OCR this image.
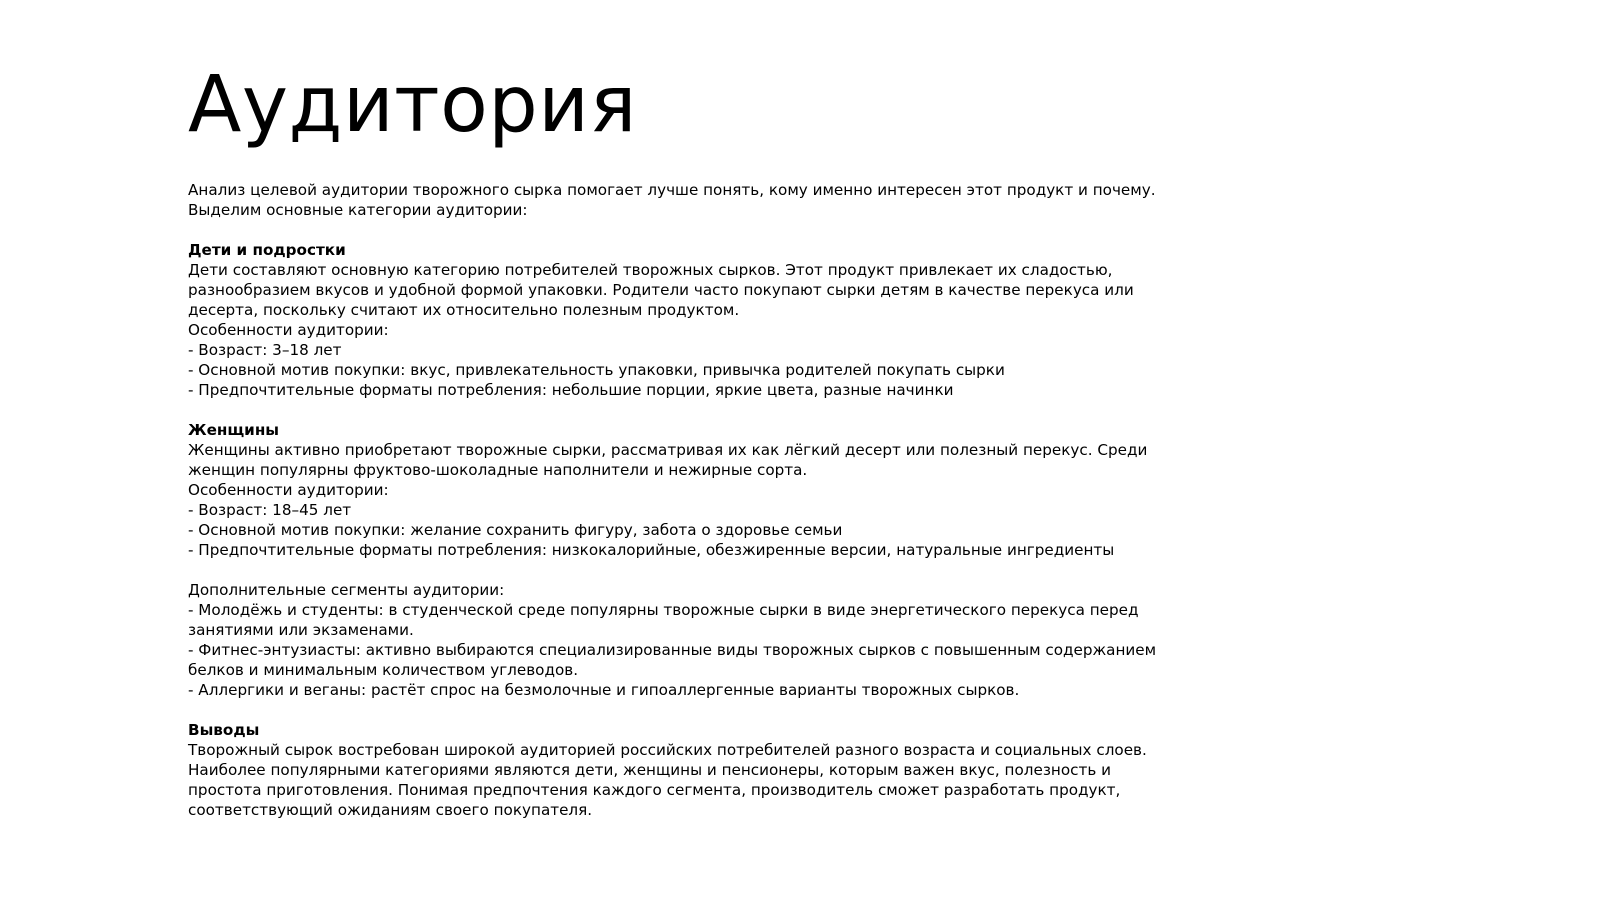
Аудитория

Анализ целевой аудитории творожного сырка помогает лучше понять, кому именно интересен этот продукт и почему. Выделим основные категории аудитории:

Дети и подростки

Дети составляют основную категорию потребителей творожных сырков. Этот продукт привлекает их сладостью, разнообразием вкусов и удобной формой упаковки. Родители часто покупают сырки детям в качестве перекуса или десерта, поскольку считают их относительно полезным продуктом.

Особенности аудитории:

- Возраст: 3–18 лет

- Основной мотив покупки: вкус, привлекательность упаковки, привычка родителей покупать сырки

- Предпочтительные форматы потребления: небольшие порции, яркие цвета, разные начинки

Женщины

Женщины активно приобретают творожные сырки, рассматривая их как лёгкий десерт или полезный перекус. Среди женщин популярны фруктово-шоколадные наполнители и нежирные сорта.

Особенности аудитории:

- Возраст: 18–45 лет

- Основной мотив покупки: желание сохранить фигуру, забота о здоровье семьи

- Предпочтительные форматы потребления: низкокалорийные, обезжиренные версии, натуральные ингредиенты

Дополнительные сегменты аудитории:

- Молодёжь и студенты: в студенческой среде популярны творожные сырки в виде энергетического перекуса перед занятиями или экзаменами.

- Фитнес-энтузиасты: активно выбираются специализированные виды творожных сырков с повышенным содержанием белков и минимальным количеством углеводов.

- Аллергики и веганы: растёт спрос на безмолочные и гипоаллергенные варианты творожных сырков.

Выводы

Творожный сырок востребован широкой аудиторией российских потребителей разного возраста и социальных слоев. Наиболее популярными категориями являются дети, женщины и пенсионеры, которым важен вкус, полезность и простота приготовления. Понимая предпочтения каждого сегмента, производитель сможет разработать продукт, соответствующий ожиданиям своего покупателя.
